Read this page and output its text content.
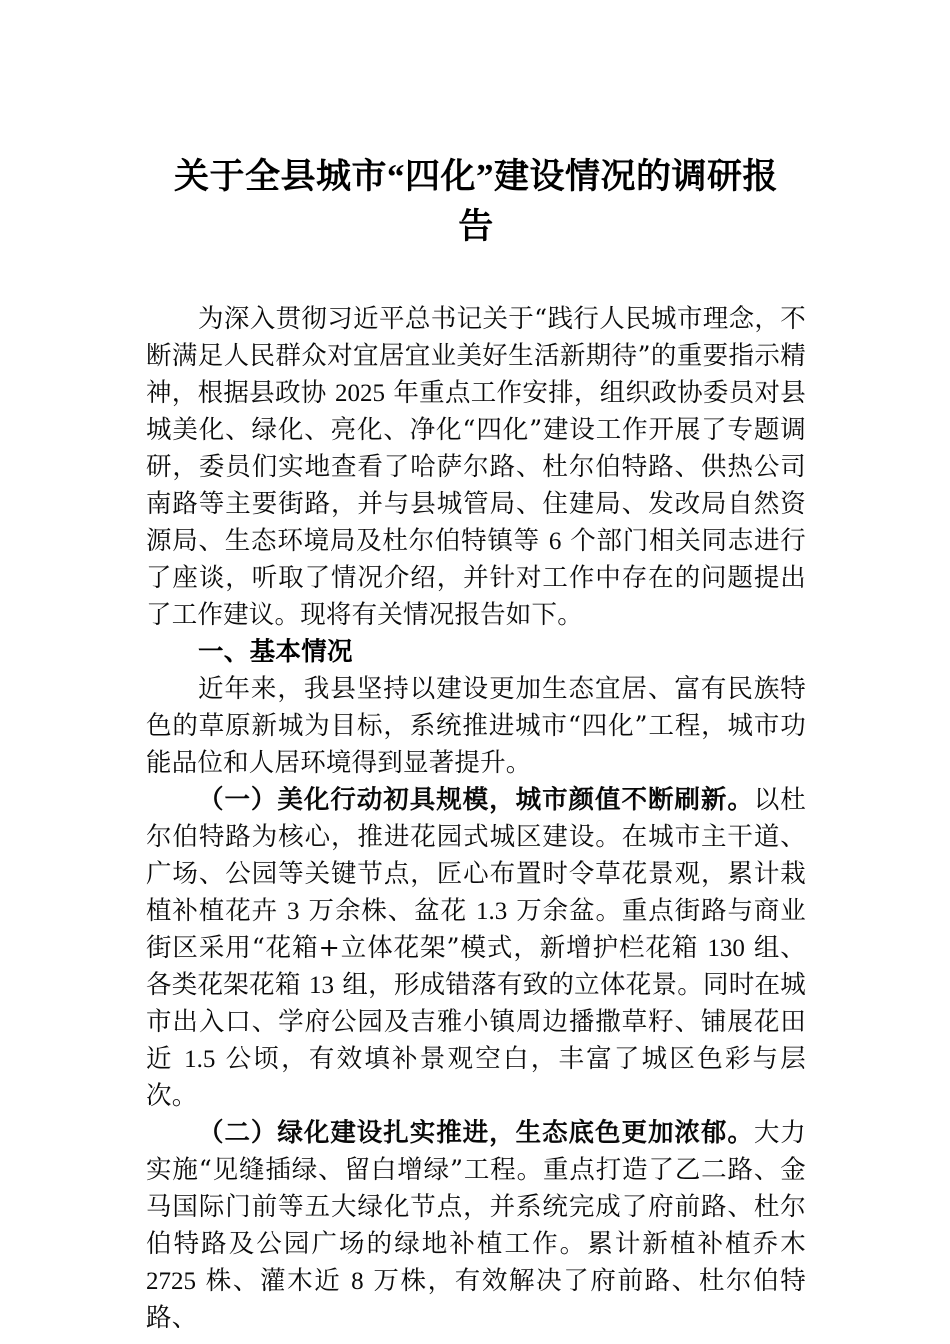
关于全县城市“四化”建设情况的调研报
告

为深入贯彻习近平总书记关于“践行人民城市理念，不断满足人民群众对宜居宜业美好生活新期待”的重要指示精神，根据县政协 2025 年重点工作安排，组织政协委员对县城美化、绿化、亮化、净化“四化”建设工作开展了专题调研，委员们实地查看了哈萨尔路、杜尔伯特路、供热公司南路等主要街路，并与县城管局、住建局、发改局自然资源局、生态环境局及杜尔伯特镇等 6 个部门相关同志进行了座谈，听取了情况介绍，并针对工作中存在的问题提出了工作建议。现将有关情况报告如下。

一、基本情况

近年来，我县坚持以建设更加生态宜居、富有民族特色的草原新城为目标，系统推进城市“四化”工程，城市功能品位和人居环境得到显著提升。

（一）美化行动初具规模，城市颜值不断刷新。以杜尔伯特路为核心，推进花园式城区建设。在城市主干道、广场、公园等关键节点，匠心布置时令草花景观，累计栽植补植花卉 3 万余株、盆花 1.3 万余盆。重点街路与商业街区采用“花箱+立体花架”模式，新增护栏花箱 130 组、各类花架花箱 13 组，形成错落有致的立体花景。同时在城市出入口、学府公园及吉雅小镇周边播撒草籽、铺展花田近 1.5 公顷，有效填补景观空白，丰富了城区色彩与层次。

（二）绿化建设扎实推进，生态底色更加浓郁。大力实施“见缝插绿、留白增绿”工程。重点打造了乙二路、金马国际门前等五大绿化节点，并系统完成了府前路、杜尔伯特路及公园广场的绿地补植工作。累计新植补植乔木 2725 株、灌木近 8 万株，有效解决了府前路、杜尔伯特路、
